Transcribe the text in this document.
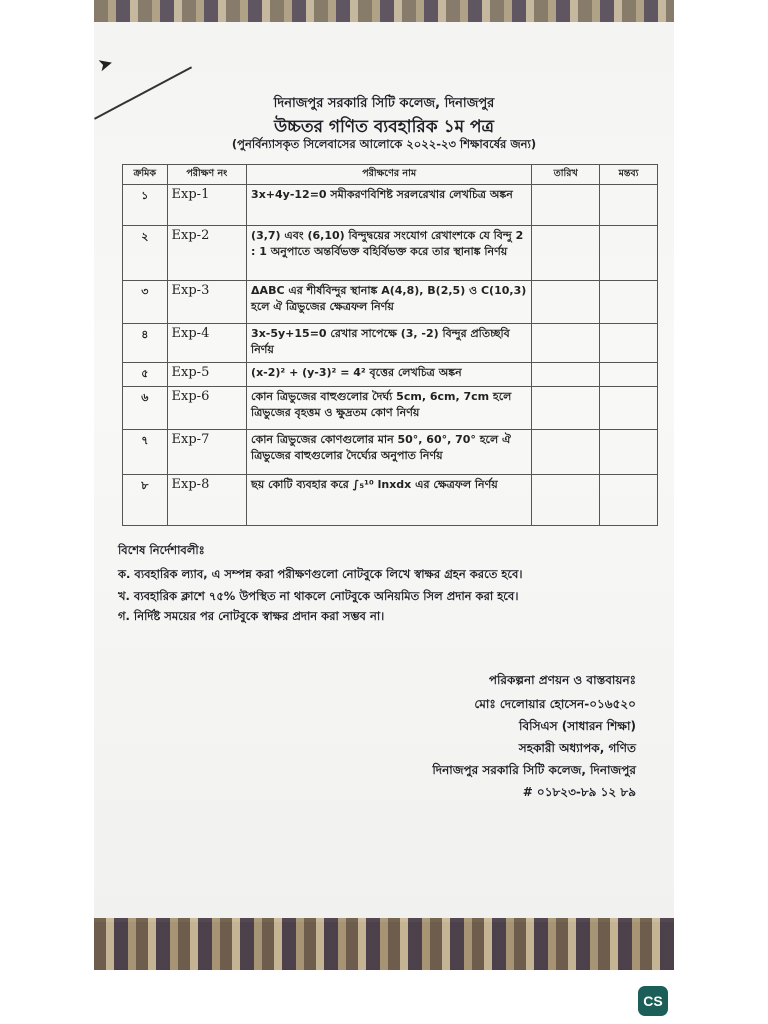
➤
দিনাজপুর সরকারি সিটি কলেজ, দিনাজপুর
উচ্চতর গণিত ব্যবহারিক ১ম পত্র
(পুনর্বিন্যাসকৃত সিলেবাসের আলোকে ২০২২-২৩ শিক্ষাবর্ষের জন্য)
ক্রমিক	পরীক্ষণ নং	পরীক্ষণের নাম	তারিখ	মন্তব্য
১	Exp-1	3x+4y-12=0 সমীকরণবিশিষ্ট সরলরেখার লেখচিত্র অঙ্কন		
২	Exp-2	(3,7) এবং (6,10) বিন্দুদ্বয়ের সংযোগ রেখাংশকে যে বিন্দু 2 : 1 অনুপাতে অন্তর্বিভক্ত বহির্বিভক্ত করে তার স্থানাঙ্ক নির্ণয়		
৩	Exp-3	ΔABC এর শীর্ষবিন্দুর স্থানাঙ্ক A(4,8), B(2,5) ও C(10,3) হলে ঐ ত্রিভুজের ক্ষেত্রফল নির্ণয়		
৪	Exp-4	3x-5y+15=0 রেখার সাপেক্ষে (3, -2) বিন্দুর প্রতিচ্ছবি নির্ণয়		
৫	Exp-5	(x-2)² + (y-3)² = 4² বৃত্তের লেখচিত্র অঙ্কন		
৬	Exp-6	কোন ত্রিভুজের বাহুগুলোর দৈর্ঘ্য 5cm, 6cm, 7cm হলে ত্রিভুজের বৃহত্তম ও ক্ষুদ্রতম কোণ নির্ণয়		
৭	Exp-7	কোন ত্রিভুজের কোণগুলোর মান 50°, 60°, 70° হলে ঐ ত্রিভুজের বাহুগুলোর দৈর্ঘ্যের অনুপাত নির্ণয়		
৮	Exp-8	ছয় কোটি ব্যবহার করে ∫₅¹⁰ lnxdx এর ক্ষেত্রফল নির্ণয়		
বিশেষ নির্দেশাবলীঃ
ক. ব্যবহারিক ল্যাব, এ সম্পন্ন করা পরীক্ষণগুলো নোটবুকে লিখে স্বাক্ষর গ্রহন করতে হবে।
খ. ব্যবহারিক ক্লাশে ৭৫% উপস্থিত না থাকলে নোটবুকে অনিয়মিত সিল প্রদান করা হবে।
গ. নির্দিষ্ট সময়ের পর নোটবুকে স্বাক্ষর প্রদান করা সম্ভব না।
পরিকল্পনা প্রণয়ন ও বাস্তবায়নঃ
মোঃ দেলোয়ার হোসেন-০১৬৫২০
বিসিএস (সাধারন শিক্ষা)
সহকারী অধ্যাপক, গণিত
দিনাজপুর সরকারি সিটি কলেজ, দিনাজপুর
# ০১৮২৩-৮৯ ১২ ৮৯
CS
